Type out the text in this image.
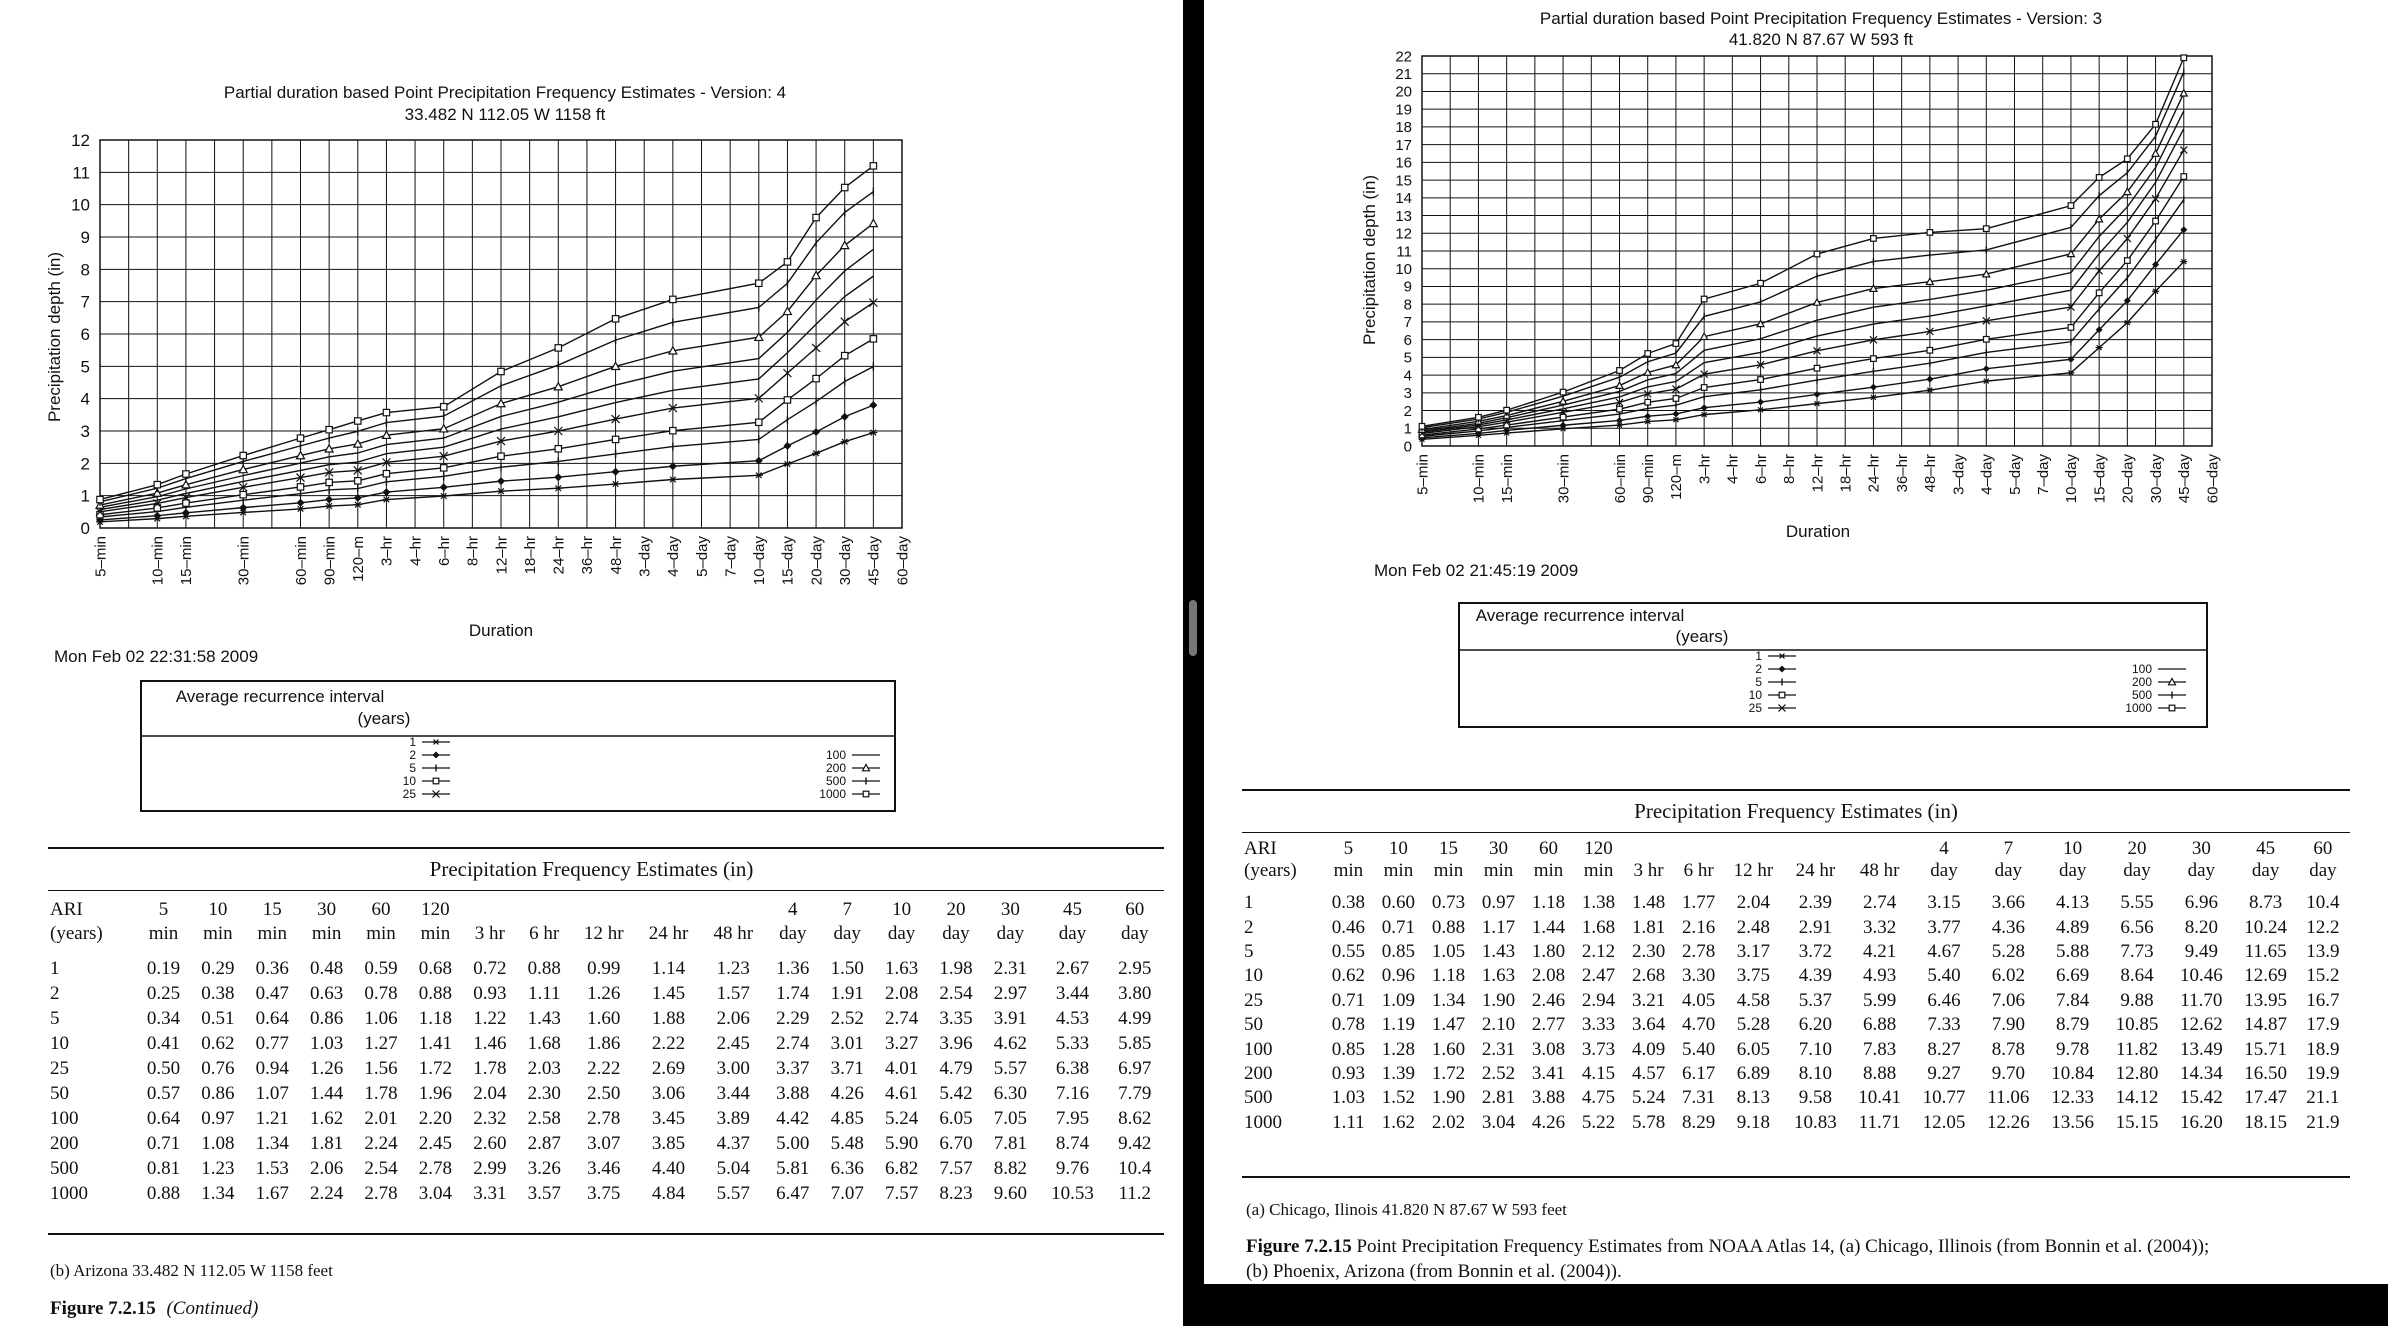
Partial duration based Point Precipitation Frequency Estimates - Version: 4
33.482 N 112.05 W 1158 ft
0
1
2
3
4
5
6
7
8
9
10
11
12
5–min	10–min 15–min	30–min	60–min 90–min 120–m 3–hr 4–hr 6–hr 8–hr 12–hr 18–hr 24–hr 36–hr 48–hr 3–day 4–day 5–day 7–day 10–day 15–day 20–day 30–day 45–day 60–day
Precipitation depth (in)
Duration
Mon Feb 02 22:31:58 2009
Average recurrence interval
(years)
1
2
5
10
25
100
200
500
1000
Precipitation Frequency Estimates (in)
ARI	5	10	15	30	60	120						4	7	10	20	30	45	60
(years)	min	min	min	min	min	min	3 hr	6 hr	12 hr	24 hr	48 hr	day	day	day	day	day	day	day
1	0.19	0.29	0.36	0.48	0.59	0.68	0.72	0.88	0.99	1.14	1.23	1.36	1.50	1.63	1.98	2.31	2.67	2.95
2	0.25	0.38	0.47	0.63	0.78	0.88	0.93	1.11	1.26	1.45	1.57	1.74	1.91	2.08	2.54	2.97	3.44	3.80
5	0.34	0.51	0.64	0.86	1.06	1.18	1.22	1.43	1.60	1.88	2.06	2.29	2.52	2.74	3.35	3.91	4.53	4.99
10	0.41	0.62	0.77	1.03	1.27	1.41	1.46	1.68	1.86	2.22	2.45	2.74	3.01	3.27	3.96	4.62	5.33	5.85
25	0.50	0.76	0.94	1.26	1.56	1.72	1.78	2.03	2.22	2.69	3.00	3.37	3.71	4.01	4.79	5.57	6.38	6.97
50	0.57	0.86	1.07	1.44	1.78	1.96	2.04	2.30	2.50	3.06	3.44	3.88	4.26	4.61	5.42	6.30	7.16	7.79
100	0.64	0.97	1.21	1.62	2.01	2.20	2.32	2.58	2.78	3.45	3.89	4.42	4.85	5.24	6.05	7.05	7.95	8.62
200	0.71	1.08	1.34	1.81	2.24	2.45	2.60	2.87	3.07	3.85	4.37	5.00	5.48	5.90	6.70	7.81	8.74	9.42
500	0.81	1.23	1.53	2.06	2.54	2.78	2.99	3.26	3.46	4.40	5.04	5.81	6.36	6.82	7.57	8.82	9.76	10.4
1000	0.88	1.34	1.67	2.24	2.78	3.04	3.31	3.57	3.75	4.84	5.57	6.47	7.07	7.57	8.23	9.60	10.53	11.2
(b) Arizona 33.482 N 112.05 W 1158 feet
Figure 7.2.15 (Continued)
Partial duration based Point Precipitation Frequency Estimates - Version: 3
41.820 N 87.67 W 593 ft
0
1
2
3
4
5
6
7
8
9
10
11
12
13
14
15
16
17
18
19
20
21
22
5–min	10–min 15–min	30–min	60–min 90–min 120–m 3–hr 4–hr 6–hr 8–hr 12–hr 18–hr 24–hr 36–hr 48–hr 3–day 4–day 5–day 7–day 10–day 15–day 20–day 30–day 45–day 60–day
Precipitation depth (in)
Duration
Mon Feb 02 21:45:19 2009
Average recurrence interval
(years)
1
2
5
10
25
100
200
500
1000
Precipitation Frequency Estimates (in)
ARI	5	10	15	30	60	120						4	7	10	20	30	45	60
(years)	min	min	min	min	min	min	3 hr	6 hr	12 hr	24 hr	48 hr	day	day	day	day	day	day	day
1	0.38	0.60	0.73	0.97	1.18	1.38	1.48	1.77	2.04	2.39	2.74	3.15	3.66	4.13	5.55	6.96	8.73	10.4
2	0.46	0.71	0.88	1.17	1.44	1.68	1.81	2.16	2.48	2.91	3.32	3.77	4.36	4.89	6.56	8.20	10.24	12.2
5	0.55	0.85	1.05	1.43	1.80	2.12	2.30	2.78	3.17	3.72	4.21	4.67	5.28	5.88	7.73	9.49	11.65	13.9
10	0.62	0.96	1.18	1.63	2.08	2.47	2.68	3.30	3.75	4.39	4.93	5.40	6.02	6.69	8.64	10.46	12.69	15.2
25	0.71	1.09	1.34	1.90	2.46	2.94	3.21	4.05	4.58	5.37	5.99	6.46	7.06	7.84	9.88	11.70	13.95	16.7
50	0.78	1.19	1.47	2.10	2.77	3.33	3.64	4.70	5.28	6.20	6.88	7.33	7.90	8.79	10.85	12.62	14.87	17.9
100	0.85	1.28	1.60	2.31	3.08	3.73	4.09	5.40	6.05	7.10	7.83	8.27	8.78	9.78	11.82	13.49	15.71	18.9
200	0.93	1.39	1.72	2.52	3.41	4.15	4.57	6.17	6.89	8.10	8.88	9.27	9.70	10.84	12.80	14.34	16.50	19.9
500	1.03	1.52	1.90	2.81	3.88	4.75	5.24	7.31	8.13	9.58	10.41	10.77	11.06	12.33	14.12	15.42	17.47	21.1
1000	1.11	1.62	2.02	3.04	4.26	5.22	5.78	8.29	9.18	10.83	11.71	12.05	12.26	13.56	15.15	16.20	18.15	21.9
(a) Chicago, Ilinois 41.820 N 87.67 W 593 feet
Figure 7.2.15 Point Precipitation Frequency Estimates from NOAA Atlas 14, (a) Chicago, Illinois (from Bonnin et al. (2004));
(b) Phoenix, Arizona (from Bonnin et al. (2004)).
